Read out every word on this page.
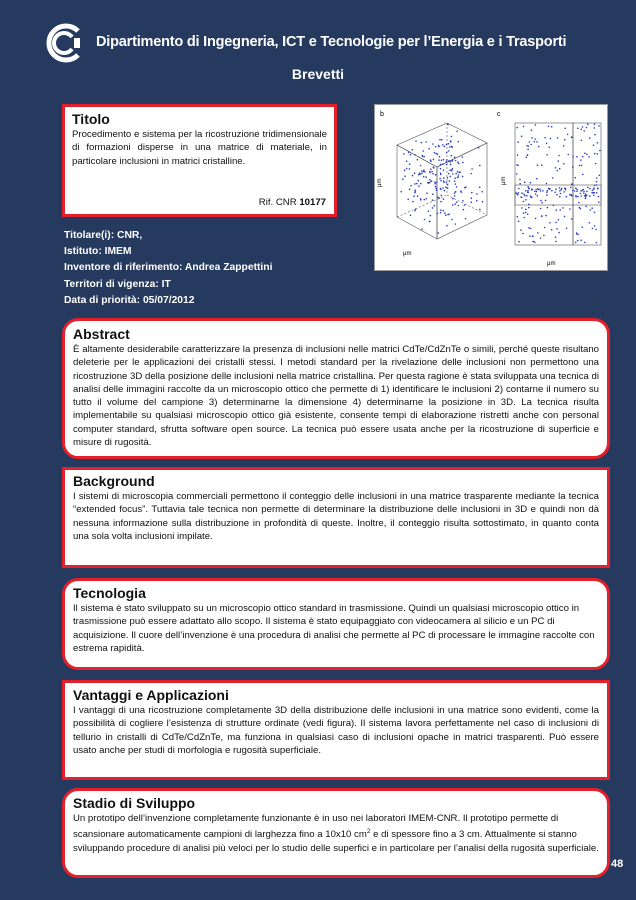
Dipartimento di Ingegneria, ICT e Tecnologie per l’Energia e i Trasporti
Brevetti
Titolo

Procedimento e sistema per la ricostruzione tridimensionale di formazioni disperse in una matrice di materiale, in particolare inclusioni in matrici cristalline.

Rif. CNR 10177
Titolare(i): CNR,
Istituto: IMEM
Inventore di riferimento: Andrea Zappettini
Territori di vigenza: IT
Data di priorità: 05/07/2012
b	c
μm
μm
μm
μm
Abstract

È altamente desiderabile caratterizzare la presenza di inclusioni nelle matrici CdTe/CdZnTe o simili, perché queste risultano deleterie per le applicazioni dei cristalli stessi. I metodi standard per la rivelazione delle inclusioni non permettono una ricostruzione 3D della posizione delle inclusioni nella matrice cristallina. Per questa ragione è stata sviluppata una tecnica di analisi delle immagini raccolte da un microscopio ottico che permette di 1) identificare le inclusioni 2) contarne il numero su tutto il volume del campione 3) determinarne la dimensione 4) determinarne la posizione in 3D. La tecnica risulta implementabile su qualsiasi microscopio ottico già esistente, consente tempi di elaborazione ristretti anche con personal computer standard, sfrutta software open source. La tecnica può essere usata anche per la ricostruzione di superficie e misure di rugosità.

Background

I sistemi di microscopia commerciali permettono il conteggio delle inclusioni in una matrice trasparente mediante la tecnica “extended focus”. Tuttavia tale tecnica non permette di determinare la distribuzione delle inclusioni in 3D e quindi non dà nessuna informazione sulla distribuzione in profondità di queste. Inoltre, il conteggio risulta sottostimato, in quanto conta una sola volta inclusioni impilate.

Tecnologia

Il sistema è stato sviluppato su un microscopio ottico standard in trasmissione. Quindi un qualsiasi microscopio ottico in trasmissione può essere adattato allo scopo. Il sistema è stato equipaggiato con videocamera al silicio e un PC di acquisizione. Il cuore dell’invenzione è una procedura di analisi che permette al PC di processare le immagine raccolte con estrema rapidità.

Vantaggi e Applicazioni

I vantaggi di una ricostruzione completamente 3D della distribuzione delle inclusioni in una matrice sono evidenti, come la possibilità di cogliere l’esistenza di strutture ordinate (vedi figura). Il sistema lavora perfettamente nel caso di inclusioni di tellurio in cristalli di CdTe/CdZnTe, ma funziona in qualsiasi caso di inclusioni opache in matrici trasparenti. Può essere usato anche per studi di morfologia e rugosità superficiale.

Stadio di Sviluppo

Un prototipo dell’invenzione completamente funzionante è in uso nei laboratori IMEM-CNR. Il prototipo permette di scansionare automaticamente campioni di larghezza fino a 10x10 $cm^2$ e di spessore fino a 3 cm. Attualmente si stanno sviluppando procedure di analisi più veloci per lo studio delle superfici e in particolare per l’analisi della rugosità superficiale.

48
